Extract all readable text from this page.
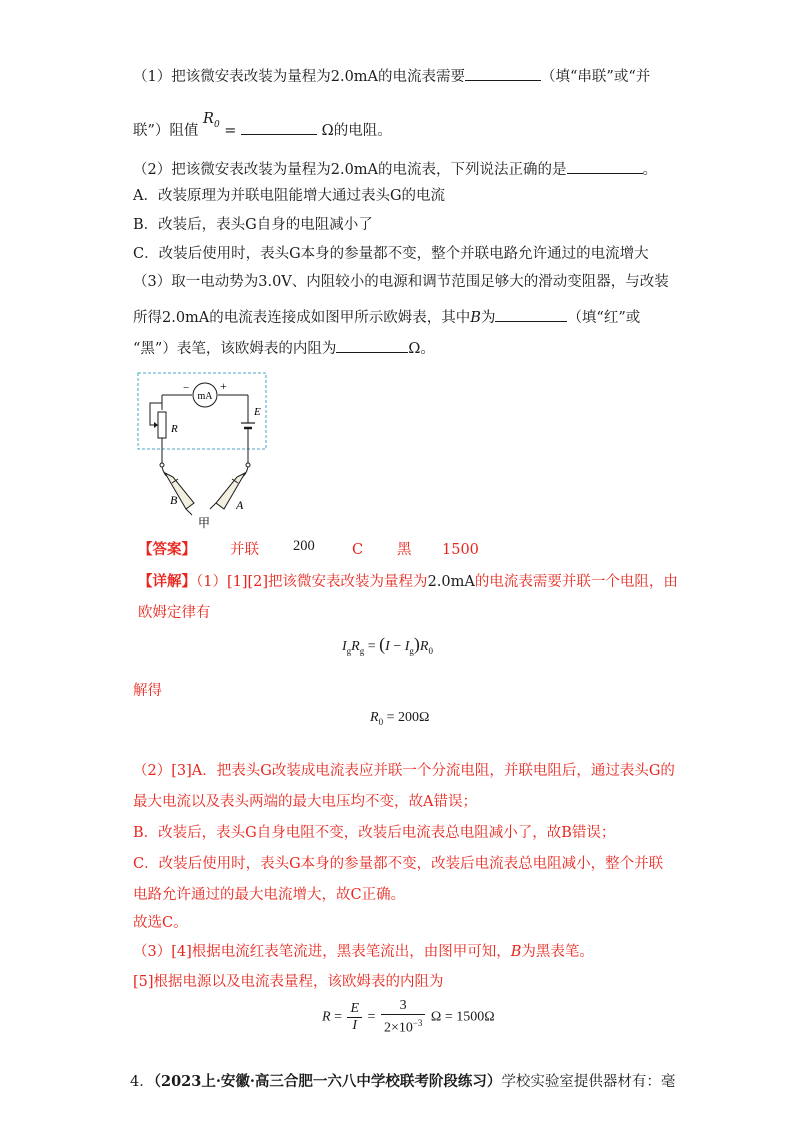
（1）把该微安表改装为量程为2.0mA的电流表需要	（填“串联”或“并
联”）阻值 $R_0$ =	Ω的电阻。
（2）把该微安表改装为量程为2.0mA的电流表，下列说法正确的是	。
A．改装原理为并联电阻能增大通过表头G的电流
B．改装后，表头G自身的电阻减小了
C．改装后使用时，表头G本身的参量都不变，整个并联电路允许通过的电流增大
（3）取一电动势为3.0V、内阻较小的电源和调节范围足够大的滑动变阻器，与改装
所得2.0mA的电流表连接成如图甲所示欧姆表，其中B为	（填“红”或
“黑”）表笔，该欧姆表的内阻为	Ω。
mA
−	+
R
E
B	A
甲
【答案】 并联 200	C 黑 1500
【详解】（1）[1][2]把该微安表改装为量程为2.0mA的电流表需要并联一个电阻，由
欧姆定律有
$I_gR_g = (I - I_g)R_0$
解得
$R_0 = 200\Omega$
（2）[3]A．把表头G改装成电流表应并联一个分流电阻，并联电阻后，通过表头G的
最大电流以及表头两端的最大电压均不变，故A错误；
B．改装后，表头G自身电阻不变，改装后电流表总电阻减小了，故B错误；
C．改装后使用时，表头G本身的参量都不变，改装后电流表总电阻减小，整个并联
电路允许通过的最大电流增大，故C正确。
故选C。
（3）[4]根据电流红表笔流进，黑表笔流出，由图甲可知，B为黑表笔。
[5]根据电源以及电流表量程，该欧姆表的内阻为
$R = \frac{E}{I} = \frac{3}{2\times 10^{-3}}$ Ω = 1500Ω
4．（2023上·安徽·高三合肥一六八中学校联考阶段练习）学校实验室提供器材有：毫
